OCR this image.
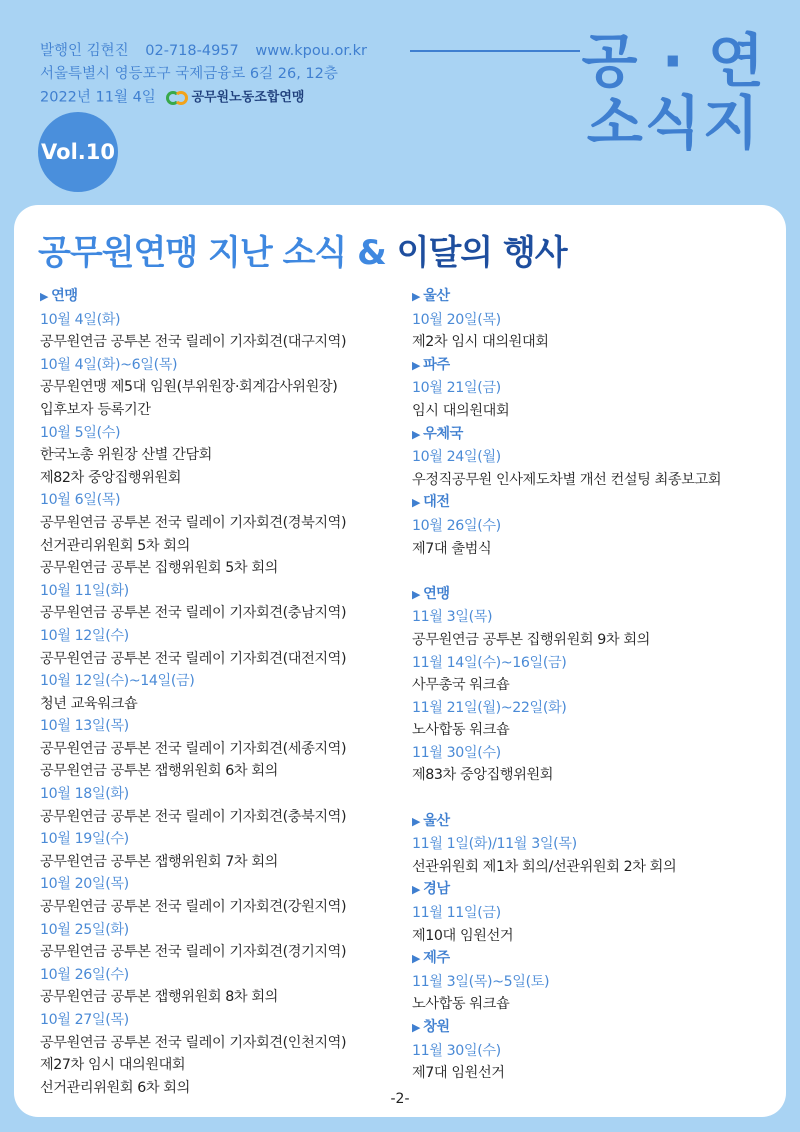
발행인 김현진 02-718-4957 www.kpou.or.kr
서울특별시 영등포구 국제금융로 6길 26, 12층
2022년 11월 4일	공무원노동조합연맹
공 · 연
소식지
Vol.10
공무원연맹 지난 소식 & 이달의 행사
▶ 연맹
10월 4일(화)
공무원연금 공투본 전국 릴레이 기자회견(대구지역)
10월 4일(화)~6일(목)
공무원연맹 제5대 임원(부위원장·회계감사위원장)
입후보자 등록기간
10월 5일(수)
한국노총 위원장 산별 간담회
제82차 중앙집행위원회
10월 6일(목)
공무원연금 공투본 전국 릴레이 기자회견(경북지역)
선거관리위원회 5차 회의
공무원연금 공투본 집행위원회 5차 회의
10월 11일(화)
공무원연금 공투본 전국 릴레이 기자회견(충남지역)
10월 12일(수)
공무원연금 공투본 전국 릴레이 기자회견(대전지역)
10월 12일(수)~14일(금)
청년 교육워크숍
10월 13일(목)
공무원연금 공투본 전국 릴레이 기자회견(세종지역)
공무원연금 공투본 잽행위원회 6차 회의
10월 18일(화)
공무원연금 공투본 전국 릴레이 기자회견(충북지역)
10월 19일(수)
공무원연금 공투본 잽행위원회 7차 회의
10월 20일(목)
공무원연금 공투본 전국 릴레이 기자회견(강원지역)
10월 25일(화)
공무원연금 공투본 전국 릴레이 기자회견(경기지역)
10월 26일(수)
공무원연금 공투본 잽행위원회 8차 회의
10월 27일(목)
공무원연금 공투본 전국 릴레이 기자회견(인천지역)
제27차 임시 대의원대회
선거관리위원회 6차 회의
▶ 울산
10월 20일(목)
제2차 임시 대의원대회
▶ 파주
10월 21일(금)
임시 대의원대회
▶ 우체국
10월 24일(월)
우정직공무원 인사제도차별 개선 컨설팅 최종보고회
▶ 대전
10월 26일(수)
제7대 출범식
▶ 연맹
11월 3일(목)
공무원연금 공투본 집행위원회 9차 회의
11월 14일(수)~16일(금)
사무총국 워크숍
11월 21일(월)~22일(화)
노사합동 워크숍
11월 30일(수)
제83차 중앙집행위원회
▶ 울산
11월 1일(화)/11월 3일(목)
선관위원회 제1차 회의/선관위원회 2차 회의
▶ 경남
11월 11일(금)
제10대 임원선거
▶ 제주
11월 3일(목)~5일(토)
노사합동 워크숍
▶ 창원
11월 30일(수)
제7대 임원선거
-2-
